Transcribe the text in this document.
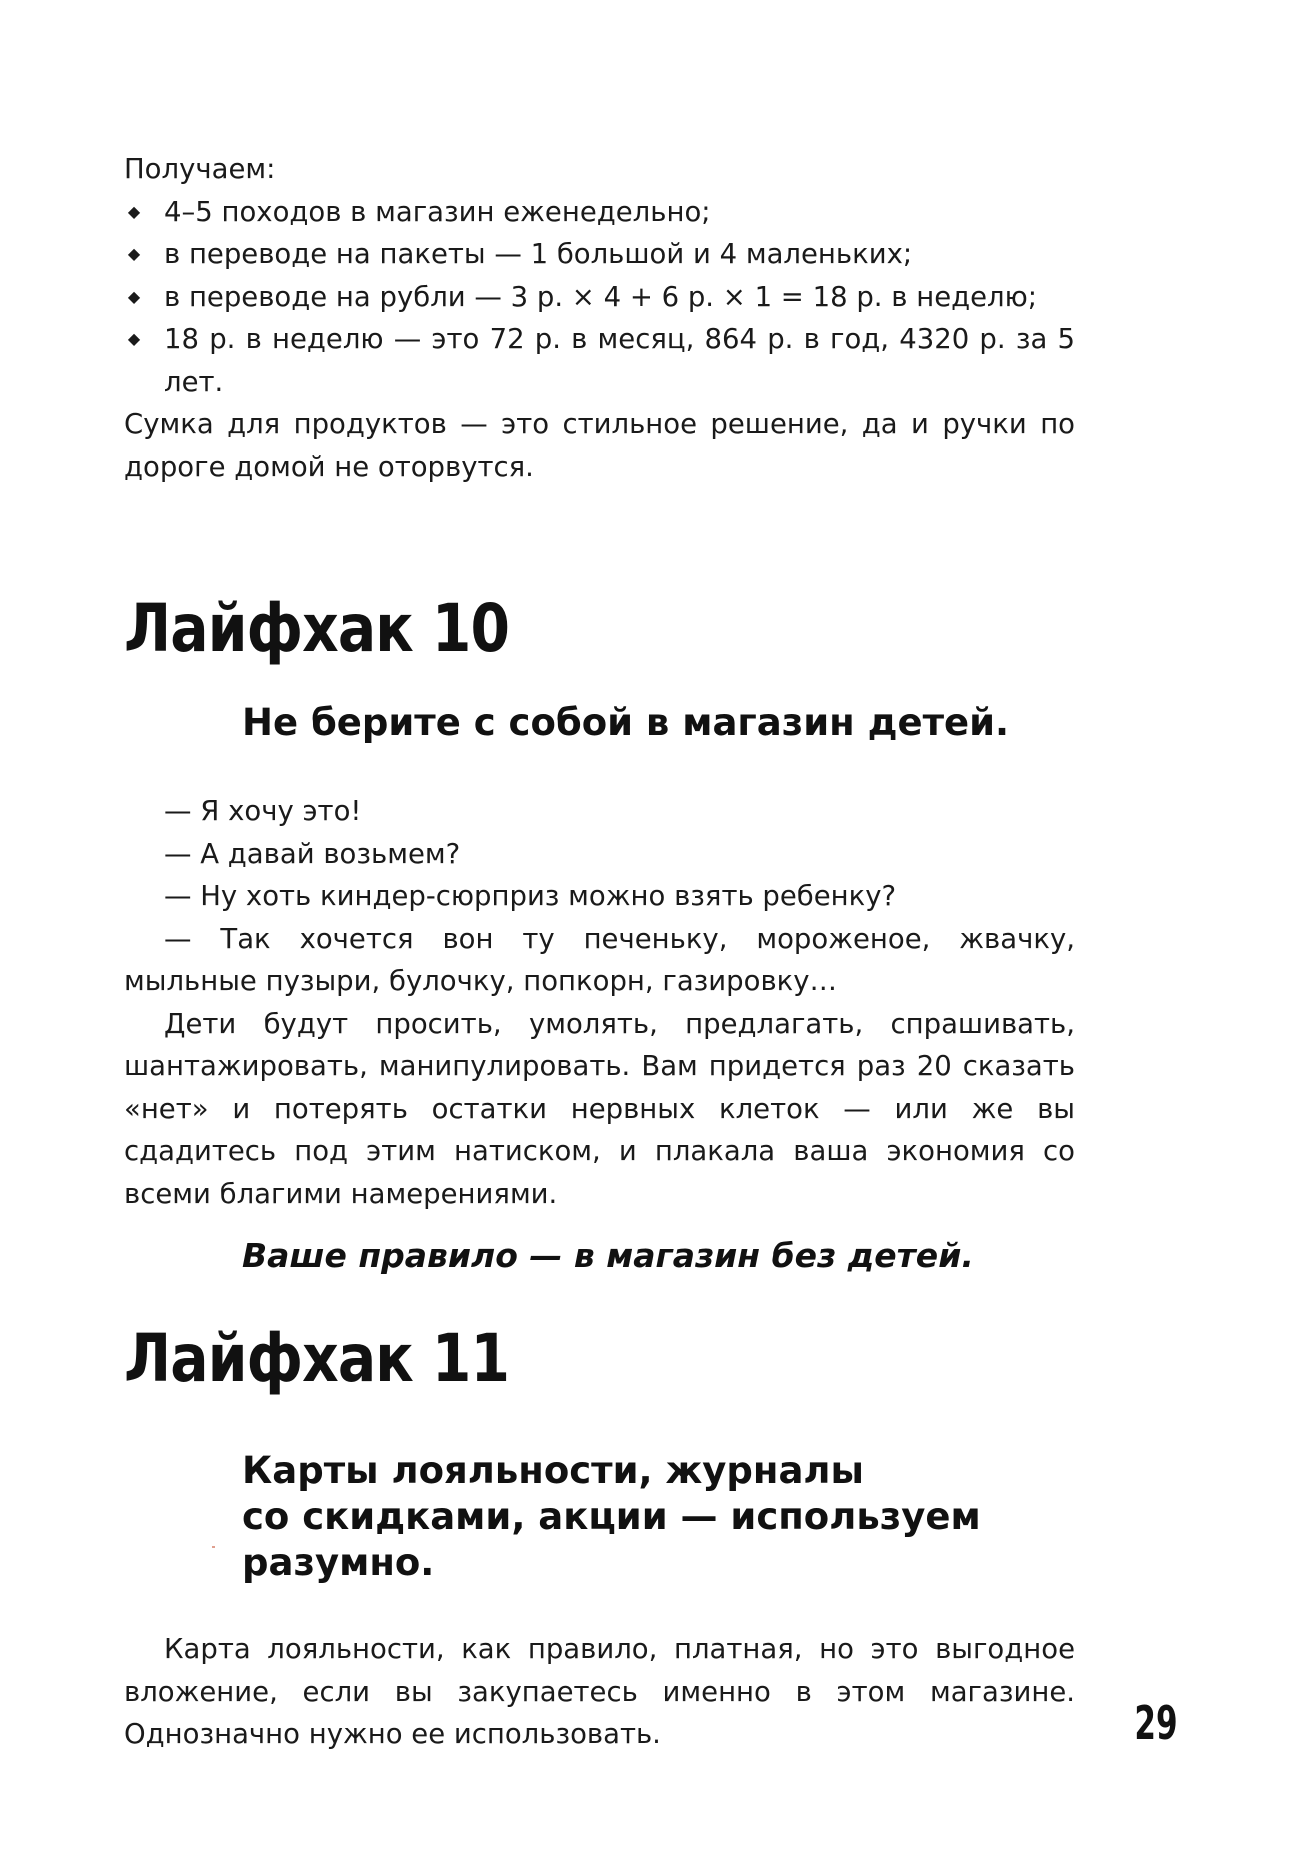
Получаем:

◆ 4–5 походов в магазин еженедельно;
◆ в переводе на пакеты — 1 большой и 4 маленьких;
◆ в переводе на рубли — 3 р. × 4 + 6 р. × 1 = 18 р. в неделю;
◆ 18 р. в неделю — это 72 р. в месяц, 864 р. в год, 4320 р. за 5 лет.

Сумка для продуктов — это стильное решение, да и ручки по дороге домой не оторвутся.

Лайфхак 10
Не берите с собой в магазин детей.

— Я хочу это!

— А давай возьмем?

— Ну хоть киндер-сюрприз можно взять ребенку?

— Так хочется вон ту печеньку, мороженое, жвачку, мыльные пузыри, булочку, попкорн, газировку…

Дети будут просить, умолять, предлагать, спрашивать, шантажировать, манипулировать. Вам придется раз 20 сказать «нет» и потерять остатки нервных клеток — или же вы сдадитесь под этим натиском, и плакала ваша экономия со всеми благими намерениями.

Ваше правило — в магазин без детей.

Лайфхак 11
Карты лояльности, журналы
со скидками, акции — используем
разумно.

Карта лояльности, как правило, платная, но это выгодное вложение, если вы закупаетесь именно в этом магазине. Однозначно нужно ее использовать.	29
